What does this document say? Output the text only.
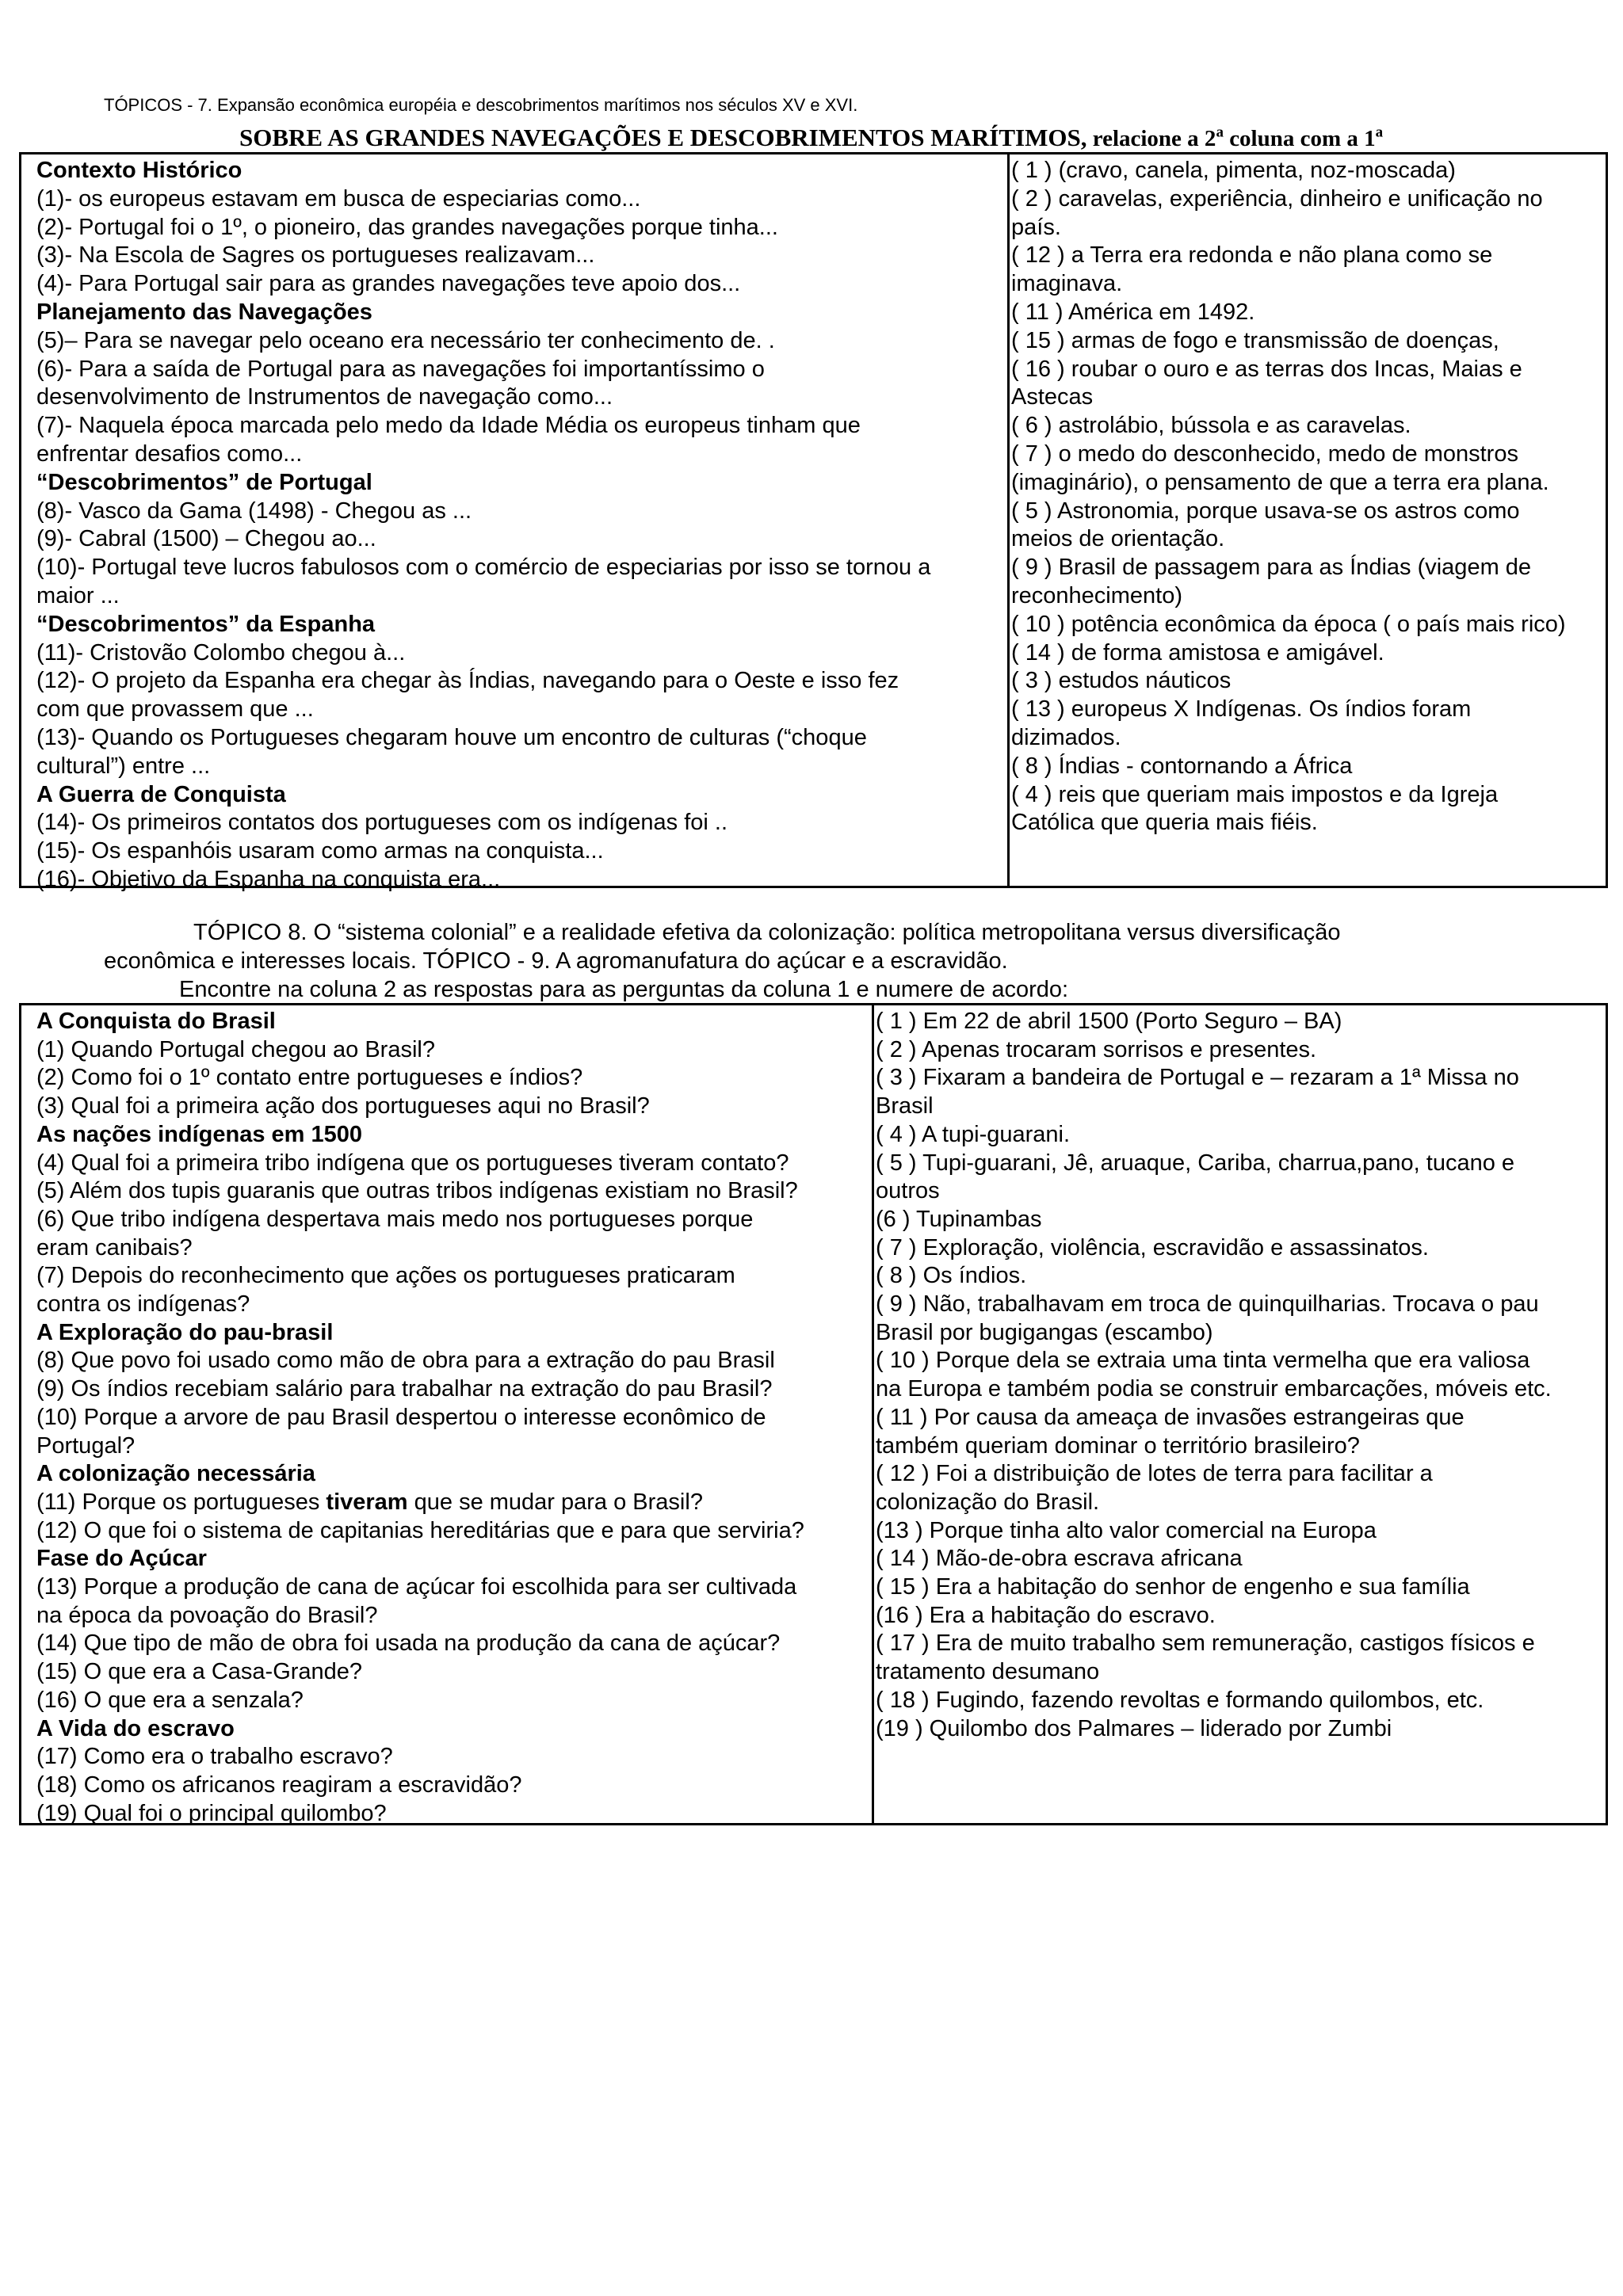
TÓPICOS - 7. Expansão econômica européia e descobrimentos marítimos nos séculos XV e XVI.
SOBRE AS GRANDES NAVEGAÇÕES E DESCOBRIMENTOS MARÍTIMOS, relacione a 2$^a$ coluna com a 1$^a$
Contexto Histórico
(1)- os europeus estavam em busca de especiarias como...
(2)- Portugal foi o 1º, o pioneiro, das grandes navegações porque tinha...
(3)- Na Escola de Sagres os portugueses realizavam...
(4)- Para Portugal sair para as grandes navegações teve apoio dos...
Planejamento das Navegações
(5)– Para se navegar pelo oceano era necessário ter conhecimento de. .
(6)- Para a saída de Portugal para as navegações foi importantíssimo o
desenvolvimento de Instrumentos de navegação como...
(7)- Naquela época marcada pelo medo da Idade Média os europeus tinham que
enfrentar desafios como...
“Descobrimentos” de Portugal
(8)- Vasco da Gama (1498) - Chegou as ...
(9)- Cabral (1500) – Chegou ao...
(10)- Portugal teve lucros fabulosos com o comércio de especiarias por isso se tornou a
maior ...
“Descobrimentos” da Espanha
(11)- Cristovão Colombo chegou à...
(12)- O projeto da Espanha era chegar às Índias, navegando para o Oeste e isso fez
com que provassem que ...
(13)- Quando os Portugueses chegaram houve um encontro de culturas (“choque
cultural”) entre ...
A Guerra de Conquista
(14)- Os primeiros contatos dos portugueses com os indígenas foi ..
(15)- Os espanhóis usaram como armas na conquista...
(16)- Objetivo da Espanha na conquista era...
( 1 ) (cravo, canela, pimenta, noz-moscada)
( 2 ) caravelas, experiência, dinheiro e unificação no
país.
( 12 ) a Terra era redonda e não plana como se
imaginava.
( 11 ) América em 1492.
( 15 ) armas de fogo e transmissão de doenças,
( 16 ) roubar o ouro e as terras dos Incas, Maias e
Astecas
( 6 ) astrolábio, bússola e as caravelas.
( 7 ) o medo do desconhecido, medo de monstros
(imaginário), o pensamento de que a terra era plana.
( 5 ) Astronomia, porque usava-se os astros como
meios de orientação.
( 9 ) Brasil de passagem para as Índias (viagem de
reconhecimento)
( 10 ) potência econômica da época ( o país mais rico)
( 14 ) de forma amistosa e amigável.
( 3 ) estudos náuticos
( 13 ) europeus X Indígenas. Os índios foram
dizimados.
( 8 ) Índias - contornando a África
( 4 ) reis que queriam mais impostos e da Igreja
Católica que queria mais fiéis.
TÓPICO 8. O “sistema colonial” e a realidade efetiva da colonização: política metropolitana versus diversificação
econômica e interesses locais. TÓPICO - 9. A agromanufatura do açúcar e a escravidão.
Encontre na coluna 2 as respostas para as perguntas da coluna 1 e numere de acordo:
A Conquista do Brasil
(1) Quando Portugal chegou ao Brasil?
(2) Como foi o 1º contato entre portugueses e índios?
(3) Qual foi a primeira ação dos portugueses aqui no Brasil?
As nações indígenas em 1500
(4) Qual foi a primeira tribo indígena que os portugueses tiveram contato?
(5) Além dos tupis guaranis que outras tribos indígenas existiam no Brasil?
(6) Que tribo indígena despertava mais medo nos portugueses porque
eram canibais?
(7) Depois do reconhecimento que ações os portugueses praticaram
contra os indígenas?
A Exploração do pau-brasil
(8) Que povo foi usado como mão de obra para a extração do pau Brasil
(9) Os índios recebiam salário para trabalhar na extração do pau Brasil?
(10) Porque a arvore de pau Brasil despertou o interesse econômico de
Portugal?
A colonização necessária
(11) Porque os portugueses tiveram que se mudar para o Brasil?
(12) O que foi o sistema de capitanias hereditárias que e para que serviria?
Fase do Açúcar
(13) Porque a produção de cana de açúcar foi escolhida para ser cultivada
na época da povoação do Brasil?
(14) Que tipo de mão de obra foi usada na produção da cana de açúcar?
(15) O que era a Casa-Grande?
(16) O que era a senzala?
A Vida do escravo
(17) Como era o trabalho escravo?
(18) Como os africanos reagiram a escravidão?
(19) Qual foi o principal quilombo?
( 1 ) Em 22 de abril 1500 (Porto Seguro – BA)
( 2 ) Apenas trocaram sorrisos e presentes.
( 3 ) Fixaram a bandeira de Portugal e – rezaram a 1ª Missa no
Brasil
( 4 ) A tupi-guarani.
( 5 ) Tupi-guarani, Jê, aruaque, Cariba, charrua,pano, tucano e
outros
(6 ) Tupinambas
( 7 ) Exploração, violência, escravidão e assassinatos.
( 8 ) Os índios.
( 9 ) Não, trabalhavam em troca de quinquilharias. Trocava o pau
Brasil por bugigangas (escambo)
( 10 ) Porque dela se extraia uma tinta vermelha que era valiosa
na Europa e também podia se construir embarcações, móveis etc.
( 11 ) Por causa da ameaça de invasões estrangeiras que
também queriam dominar o território brasileiro?
( 12 ) Foi a distribuição de lotes de terra para facilitar a
colonização do Brasil.
(13 ) Porque tinha alto valor comercial na Europa
( 14 ) Mão-de-obra escrava africana
( 15 ) Era a habitação do senhor de engenho e sua família
(16 ) Era a habitação do escravo.
( 17 ) Era de muito trabalho sem remuneração, castigos físicos e
tratamento desumano
( 18 ) Fugindo, fazendo revoltas e formando quilombos, etc.
(19 ) Quilombo dos Palmares – liderado por Zumbi
